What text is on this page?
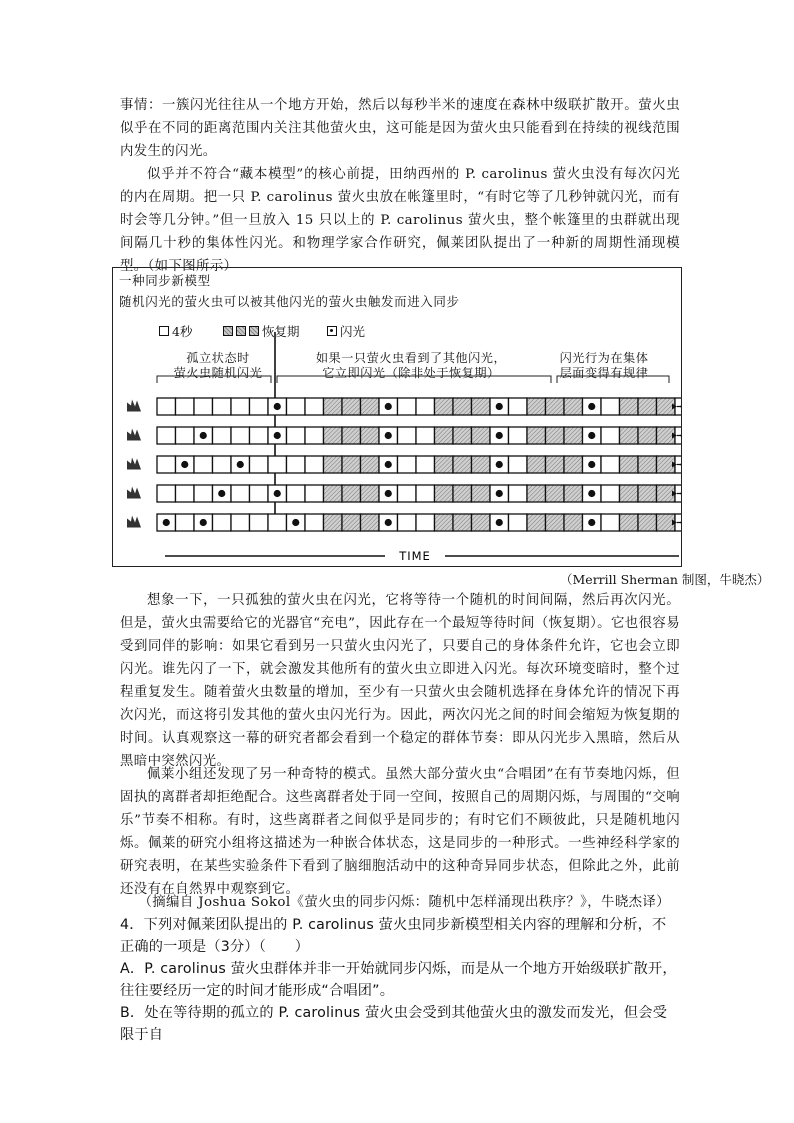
事情：一簇闪光往往从一个地方开始，然后以每秒半米的速度在森林中级联扩散开。萤火虫似乎在不同的距离范围内关注其他萤火虫，这可能是因为萤火虫只能看到在持续的视线范围内发生的闪光。

似乎并不符合“藏本模型”的核心前提，田纳西州的 P. carolinus 萤火虫没有每次闪光的内在周期。把一只 P. carolinus 萤火虫放在帐篷里时，“有时它等了几秒钟就闪光，而有时会等几分钟。”但一旦放入 15 只以上的 P. carolinus 萤火虫，整个帐篷里的虫群就出现间隔几十秒的集体性闪光。和物理学家合作研究，佩莱团队提出了一种新的周期性涌现模型。（如下图所示）

一种同步新模型

随机闪光的萤火虫可以被其他闪光的萤火虫触发而进入同步

4秒	恢复期	闪光

孤立状态时
萤火虫随机闪光

如果一只萤火虫看到了其他闪光，
它立即闪光（除非处于恢复期）

闪光行为在集体
层面变得有规律

TIME
（Merrill Sherman 制图，牛晓杰）

想象一下，一只孤独的萤火虫在闪光，它将等待一个随机的时间间隔，然后再次闪光。但是，萤火虫需要给它的光器官“充电”，因此存在一个最短等待时间（恢复期）。它也很容易受到同伴的影响：如果它看到另一只萤火虫闪光了，只要自己的身体条件允许，它也会立即闪光。谁先闪了一下，就会激发其他所有的萤火虫立即进入闪光。每次环境变暗时，整个过程重复发生。随着萤火虫数量的增加，至少有一只萤火虫会随机选择在身体允许的情况下再次闪光，而这将引发其他的萤火虫闪光行为。因此，两次闪光之间的时间会缩短为恢复期的时间。认真观察这一幕的研究者都会看到一个稳定的群体节奏：即从闪光步入黑暗，然后从黑暗中突然闪光。

佩莱小组还发现了另一种奇特的模式。虽然大部分萤火虫“合唱团”在有节奏地闪烁，但固执的离群者却拒绝配合。这些离群者处于同一空间，按照自己的周期闪烁，与周围的“交响乐”节奏不相称。有时，这些离群者之间似乎是同步的；有时它们不顾彼此，只是随机地闪烁。佩莱的研究小组将这描述为一种嵌合体状态，这是同步的一种形式。一些神经科学家的研究表明，在某些实验条件下看到了脑细胞活动中的这种奇异同步状态，但除此之外，此前还没有在自然界中观察到它。

（摘编自 Joshua Sokol《萤火虫的同步闪烁：随机中怎样涌现出秩序？》，牛晓杰译）

4．下列对佩莱团队提出的 P. carolinus 萤火虫同步新模型相关内容的理解和分析，不正确的一项是（3分）（　　）

A．P. carolinus 萤火虫群体并非一开始就同步闪烁，而是从一个地方开始级联扩散开，往往要经历一定的时间才能形成“合唱团”。

B．处在等待期的孤立的 P. carolinus 萤火虫会受到其他萤火虫的激发而发光，但会受限于自
